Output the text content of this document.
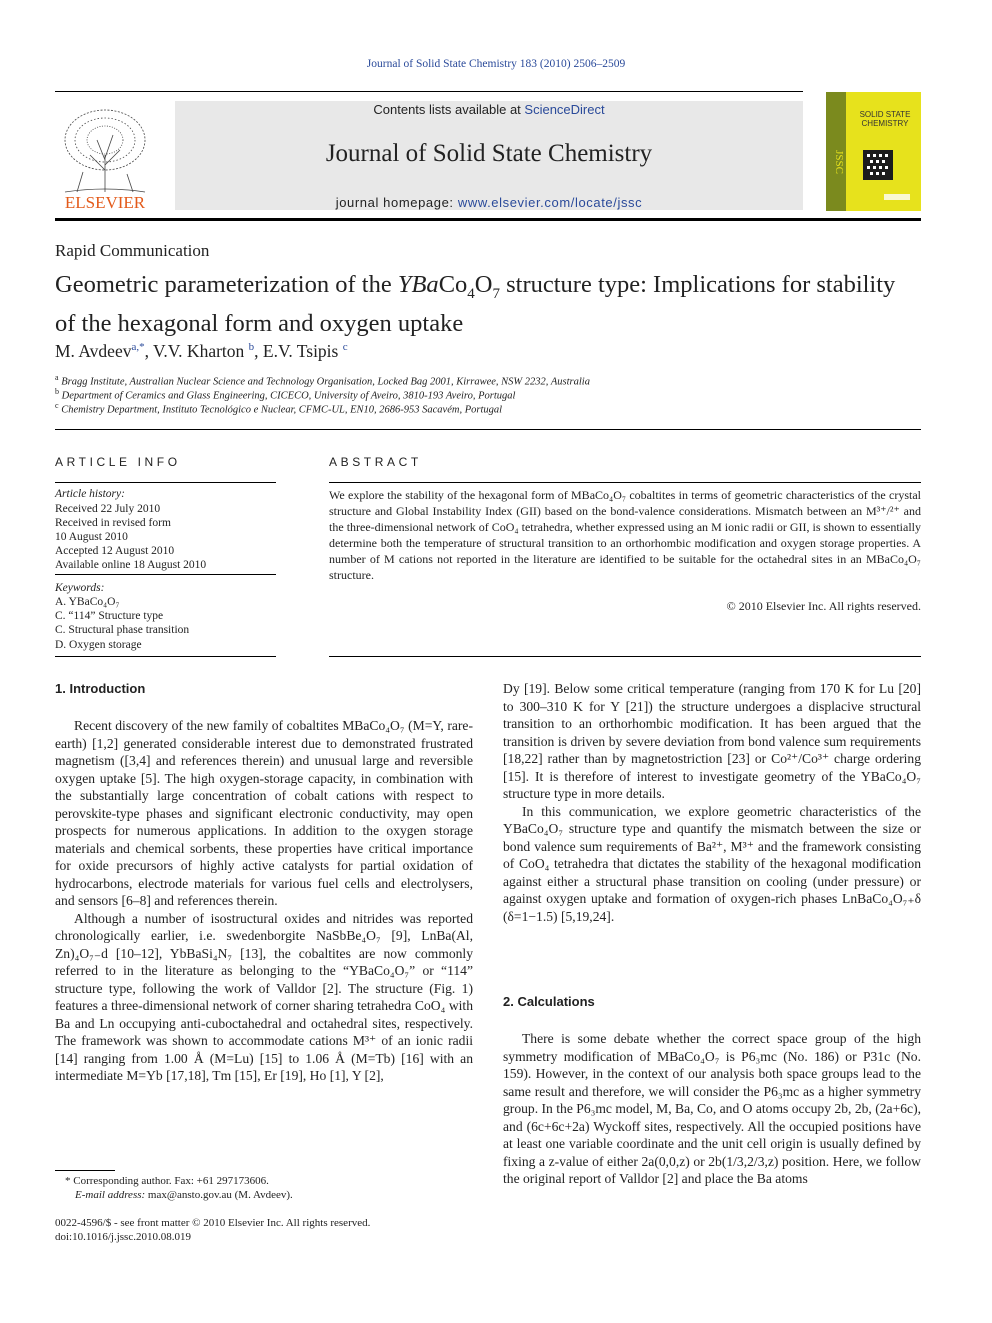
Journal of Solid State Chemistry 183 (2010) 2506–2509
ELSEVIER
Contents lists available at ScienceDirect
Journal of Solid State Chemistry
journal homepage: www.elsevier.com/locate/jssc
SOLID STATE
CHEMISTRY
JSSC
Rapid Communication
Geometric parameterization of the $YBaCo_4O_7$ structure type: Implications for stability of the hexagonal form and oxygen uptake
M. Avdeev$^{a,*}$, V.V. Kharton $^b$, E.V. Tsipis $^c$
$^a$ Bragg Institute, Australian Nuclear Science and Technology Organisation, Locked Bag 2001, Kirrawee, NSW 2232, Australia
$^b$ Department of Ceramics and Glass Engineering, CICECO, University of Aveiro, 3810-193 Aveiro, Portugal
$^c$ Chemistry Department, Instituto Tecnológico e Nuclear, CFMC-UL, EN10, 2686-953 Sacavém, Portugal
ARTICLE INFO
Article history:
Received 22 July 2010
Received in revised form
10 August 2010
Accepted 12 August 2010
Available online 18 August 2010
Keywords:
A. YBaCo₄O₇
C. “114” Structure type
C. Structural phase transition
D. Oxygen storage
ABSTRACT
We explore the stability of the hexagonal form of MBaCo₄O₇ cobaltites in terms of geometric characteristics of the crystal structure and Global Instability Index (GII) based on the bond-valence considerations. Mismatch between an M³⁺/²⁺ and the three-dimensional network of CoO₄ tetrahedra, whether expressed using an M ionic radii or GII, is shown to essentially determine both the temperature of structural transition to an orthorhombic modification and oxygen storage properties. A number of M cations not reported in the literature are identified to be suitable for the octahedral sites in an MBaCo₄O₇ structure.
© 2010 Elsevier Inc. All rights reserved.
1. Introduction

Recent discovery of the new family of cobaltites MBaCo₄O₇ (M=Y, rare-earth) [1,2] generated considerable interest due to demonstrated frustrated magnetism ([3,4] and references therein) and unusual large and reversible oxygen uptake [5]. The high oxygen-storage capacity, in combination with the substantially large concentration of cobalt cations with respect to perovskite-type phases and significant electronic conductivity, may open prospects for numerous applications. In addition to the oxygen storage materials and chemical sorbents, these properties have critical importance for oxide precursors of highly active catalysts for partial oxidation of hydrocarbons, electrode materials for various fuel cells and electrolysers, and sensors [6–8] and references therein.

Although a number of isostructural oxides and nitrides was reported chronologically earlier, i.e. swedenborgite NaSbBe₄O₇ [9], LnBa(Al, Zn)₄O₇₋d [10–12], YbBaSi₄N₇ [13], the cobaltites are now commonly referred to in the literature as belonging to the “YBaCo₄O₇” or “114” structure type, following the work of Valldor [2]. The structure (Fig. 1) features a three-dimensional network of corner sharing tetrahedra CoO₄ with Ba and Ln occupying anti-cuboctahedral and octahedral sites, respectively. The framework was shown to accommodate cations M³⁺ of an ionic radii [14] ranging from 1.00 Å (M=Lu) [15] to 1.06 Å (M=Tb) [16] with an intermediate M=Yb [17,18], Tm [15], Er [19], Ho [1], Y [2],

Dy [19]. Below some critical temperature (ranging from 170 K for Lu [20] to 300–310 K for Y [21]) the structure undergoes a displacive structural transition to an orthorhombic modification. It has been argued that the transition is driven by severe deviation from bond valence sum requirements [18,22] rather than by magnetostriction [23] or Co²⁺/Co³⁺ charge ordering [15]. It is therefore of interest to investigate geometry of the YBaCo₄O₇ structure type in more details.

In this communication, we explore geometric characteristics of the YBaCo₄O₇ structure type and quantify the mismatch between the size or bond valence sum requirements of Ba²⁺, M³⁺ and the framework consisting of CoO₄ tetrahedra that dictates the stability of the hexagonal modification against either a structural phase transition on cooling (under pressure) or against oxygen uptake and formation of oxygen-rich phases LnBaCo₄O₇₊δ (δ=1−1.5) [5,19,24].

2. Calculations

There is some debate whether the correct space group of the high symmetry modification of MBaCo₄O₇ is P6₃mc (No. 186) or P31c (No. 159). However, in the context of our analysis both space groups lead to the same result and therefore, we will consider the P6₃mc as a higher symmetry group. In the P6₃mc model, M, Ba, Co, and O atoms occupy 2b, 2b, (2a+6c), and (6c+6c+2a) Wyckoff sites, respectively. All the occupied positions have at least one variable coordinate and the unit cell origin is usually defined by fixing a z-value of either 2a(0,0,z) or 2b(1/3,2/3,z) position. Here, we follow the original report of Valldor [2] and place the Ba atoms

* Corresponding author. Fax: +61 297173606.
E-mail address: max@ansto.gov.au (M. Avdeev).
0022-4596/$ - see front matter © 2010 Elsevier Inc. All rights reserved.
doi:10.1016/j.jssc.2010.08.019
